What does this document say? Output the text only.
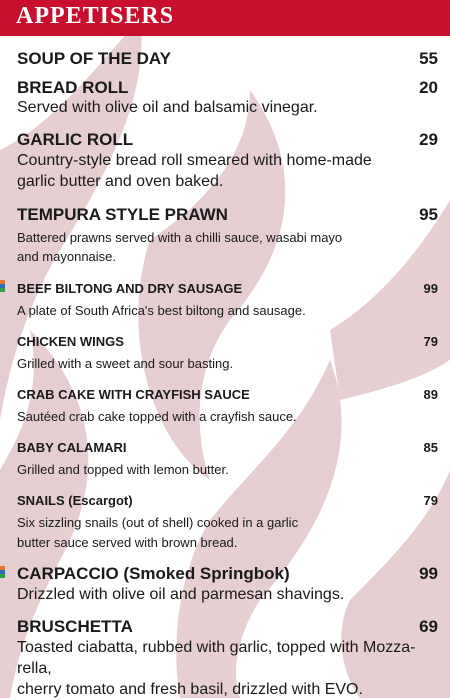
APPETISERS
SOUP OF THE DAY	55
BREAD ROLL	20
Served with olive oil and balsamic vinegar.
GARLIC ROLL	29
Country-style bread roll smeared with home-made
garlic butter and oven baked.
TEMPURA STYLE PRAWN	95
Battered prawns served with a chilli sauce, wasabi mayo
and mayonnaise.
BEEF BILTONG AND DRY SAUSAGE	99
A plate of South Africa's best biltong and sausage.
CHICKEN WINGS	79
Grilled with a sweet and sour basting.
CRAB CAKE WITH CRAYFISH SAUCE	89
Sautéed crab cake topped with a crayfish sauce.
BABY CALAMARI	85
Grilled and topped with lemon butter.
SNAILS (Escargot)	79
Six sizzling snails (out of shell) cooked in a garlic
butter sauce served with brown bread.
CARPACCIO (Smoked Springbok)	99
Drizzled with olive oil and parmesan shavings.
BRUSCHETTA	69
Toasted ciabatta, rubbed with garlic, topped with Mozza-
rella,
cherry tomato and fresh basil, drizzled with EVO.
